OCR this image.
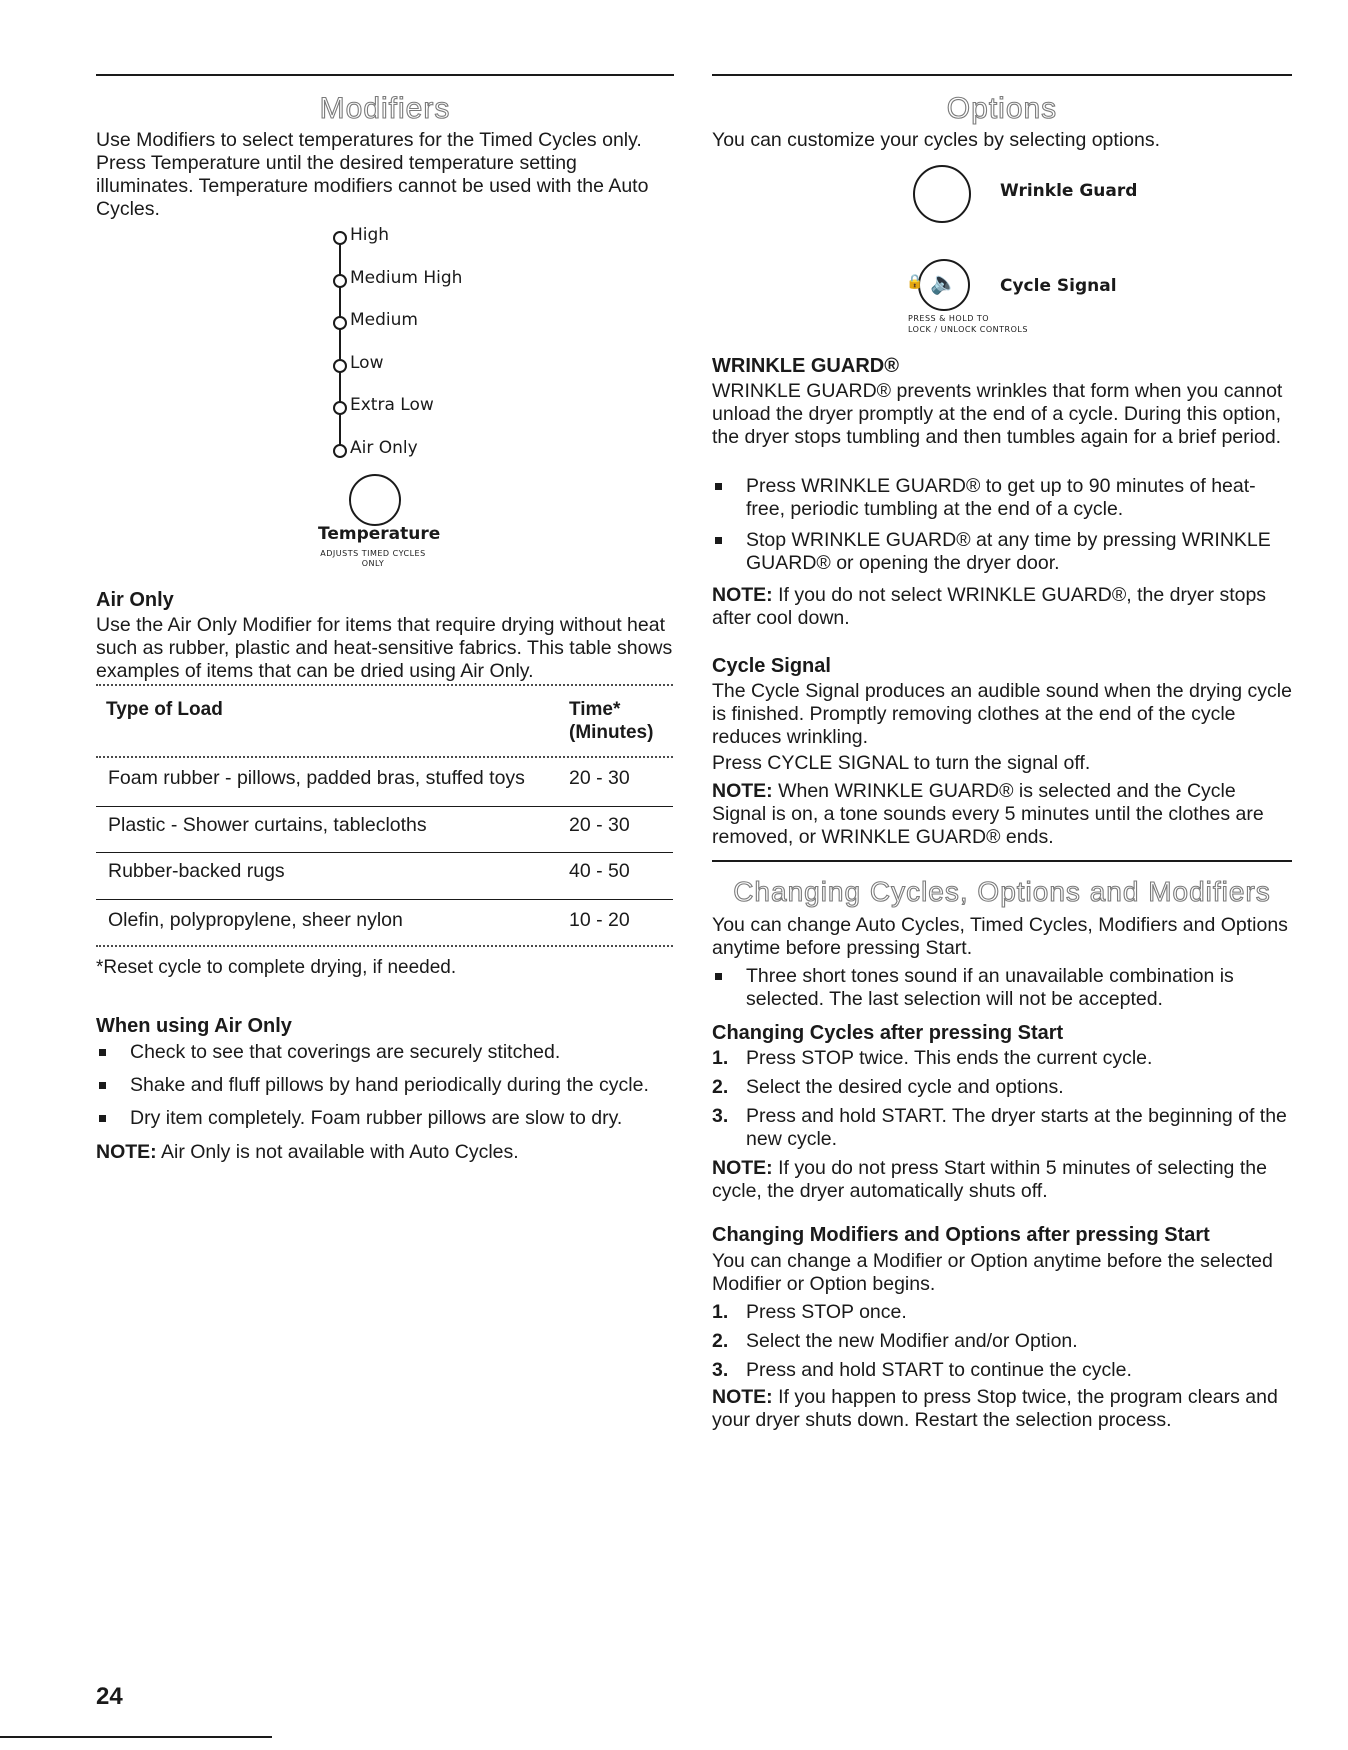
Modifiers

Use Modifiers to select temperatures for the Timed Cycles only. Press Temperature until the desired temperature setting illuminates. Temperature modifiers cannot be used with the Auto Cycles.

High
Medium High
Medium
Low
Extra Low
Air Only
Temperature
ADJUSTS TIMED CYCLES
ONLY

Air Only

Use the Air Only Modifier for items that require drying without heat such as rubber, plastic and heat-sensitive fabrics. This table shows examples of items that can be dried using Air Only.

Type of Load	Time*
(Minutes)
Foam rubber - pillows, padded bras, stuffed toys 20 - 30
Plastic - Shower curtains, tablecloths	20 - 30
Rubber-backed rugs	40 - 50
Olefin, polypropylene, sheer nylon	10 - 20
*Reset cycle to complete drying, if needed.

When using Air Only

Check to see that coverings are securely stitched.
Shake and fluff pillows by hand periodically during the cycle.
Dry item completely. Foam rubber pillows are slow to dry.

NOTE: Air Only is not available with Auto Cycles.

24
Options

You can customize your cycles by selecting options.

Wrinkle Guard
🔈
🔒	Cycle Signal
PRESS & HOLD TO
LOCK / UNLOCK CONTROLS

WRINKLE GUARD®

WRINKLE GUARD® prevents wrinkles that form when you cannot unload the dryer promptly at the end of a cycle. During this option, the dryer stops tumbling and then tumbles again for a brief period.

Press WRINKLE GUARD® to get up to 90 minutes of heat-free, periodic tumbling at the end of a cycle.
Stop WRINKLE GUARD® at any time by pressing WRINKLE GUARD® or opening the dryer door.

NOTE: If you do not select WRINKLE GUARD®, the dryer stops after cool down.

Cycle Signal

The Cycle Signal produces an audible sound when the drying cycle is finished. Promptly removing clothes at the end of the cycle reduces wrinkling.

Press CYCLE SIGNAL to turn the signal off.

NOTE: When WRINKLE GUARD® is selected and the Cycle Signal is on, a tone sounds every 5 minutes until the clothes are removed, or WRINKLE GUARD® ends.

Changing Cycles, Options and Modifiers

You can change Auto Cycles, Timed Cycles, Modifiers and Options anytime before pressing Start.

Three short tones sound if an unavailable combination is selected. The last selection will not be accepted.

Changing Cycles after pressing Start

1. Press STOP twice. This ends the current cycle.
2. Select the desired cycle and options.
3. Press and hold START. The dryer starts at the beginning of the new cycle.

NOTE: If you do not press Start within 5 minutes of selecting the cycle, the dryer automatically shuts off.

Changing Modifiers and Options after pressing Start

You can change a Modifier or Option anytime before the selected Modifier or Option begins.

1. Press STOP once.
2. Select the new Modifier and/or Option.
3. Press and hold START to continue the cycle.

NOTE: If you happen to press Stop twice, the program clears and your dryer shuts down. Restart the selection process.
